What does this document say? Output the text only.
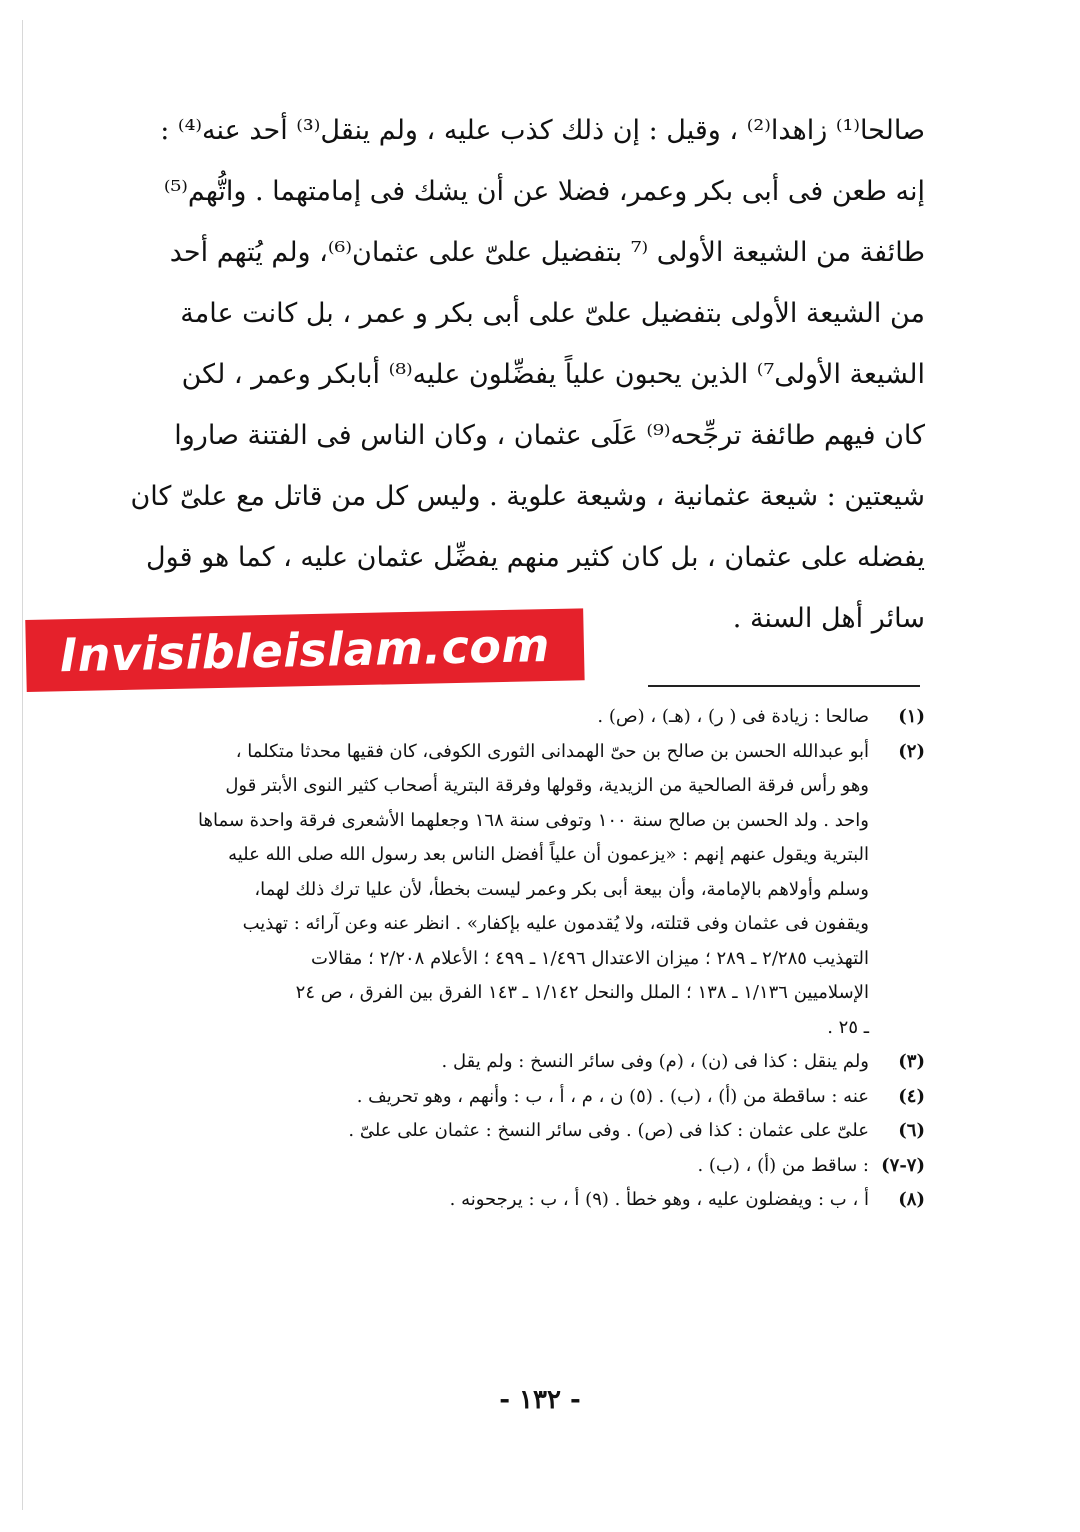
صالحا⁽¹⁾ زاهدا⁽²⁾ ، وقيل : إن ذلك كذب عليه ، ولم ينقل⁽³⁾ أحد عنه⁽⁴⁾ :
إنه طعن فى أبى بكر وعمر، فضلا عن أن يشك فى إمامتهما . واتُّهم⁽⁵⁾
طائفة من الشيعة الأولى ⁽⁷ بتفضيل علىّ على عثمان⁽⁶⁾، ولم يُتهم أحد
من الشيعة الأولى بتفضيل علىّ على أبى بكر و عمر ، بل كانت عامة
الشيعة الأولى⁷⁾ الذين يحبون علياً يفضِّلون عليه⁽⁸⁾ أبابكر وعمر ، لكن
كان فيهم طائفة ترجِّحه⁽⁹⁾ عَلَى عثمان ، وكان الناس فى الفتنة صاروا
شيعتين : شيعة عثمانية ، وشيعة علوية . وليس كل من قاتل مع علىّ كان
يفضله على عثمان ، بل كان كثير منهم يفضِّل عثمان عليه ، كما هو قول
سائر أهل السنة .
Invisibleislam.com
(١)
صالحا : زيادة فى ( ر) ، (هـ) ، (ص) .
(٢)
أبو عبدالله الحسن بن صالح بن حىّ الهمدانى الثورى الكوفى، كان فقيها محدثا متكلما ،
وهو رأس فرقة الصالحية من الزيدية، وقولها وفرقة البترية أصحاب كثير النوى الأبتر قول
واحد . ولد الحسن بن صالح سنة ١٠٠ وتوفى سنة ١٦٨ وجعلهما الأشعرى فرقة واحدة سماها
البترية ويقول عنهم إنهم : «يزعمون أن علياً أفضل الناس بعد رسول الله صلى الله عليه
وسلم وأولاهم بالإمامة، وأن بيعة أبى بكر وعمر ليست بخطأ، لأن عليا ترك ذلك لهما،
ويقفون فى عثمان وفى قتلته، ولا يُقدمون عليه بإكفار» . انظر عنه وعن آرائه : تهذيب
التهذيب ٢/٢٨٥ ـ ٢٨٩ ؛ ميزان الاعتدال ١/٤٩٦ ـ ٤٩٩ ؛ الأعلام ٢/٢٠٨ ؛ مقالات
الإسلاميين ١/١٣٦ ـ ١٣٨ ؛ الملل والنحل ١/١٤٢ ـ ١٤٣ الفرق بين الفرق ، ص ٢٤
ـ ٢٥ .
(٣)
ولم ينقل : كذا فى (ن) ، (م) وفى سائر النسخ : ولم يقل .
(٤)
عنه : ساقطة من (أ) ، (ب) . (٥) ن ، م ، أ ، ب : وأنهم ، وهو تحريف .
(٦)
علىّ على عثمان : كذا فى (ص) . وفى سائر النسخ : عثمان على علىّ .
(٧-٧)
: ساقط من (أ) ، (ب) .
(٨)
أ ، ب : ويفضلون عليه ، وهو خطأ . (٩) أ ، ب : يرجحونه .
- ١٣٢ -
